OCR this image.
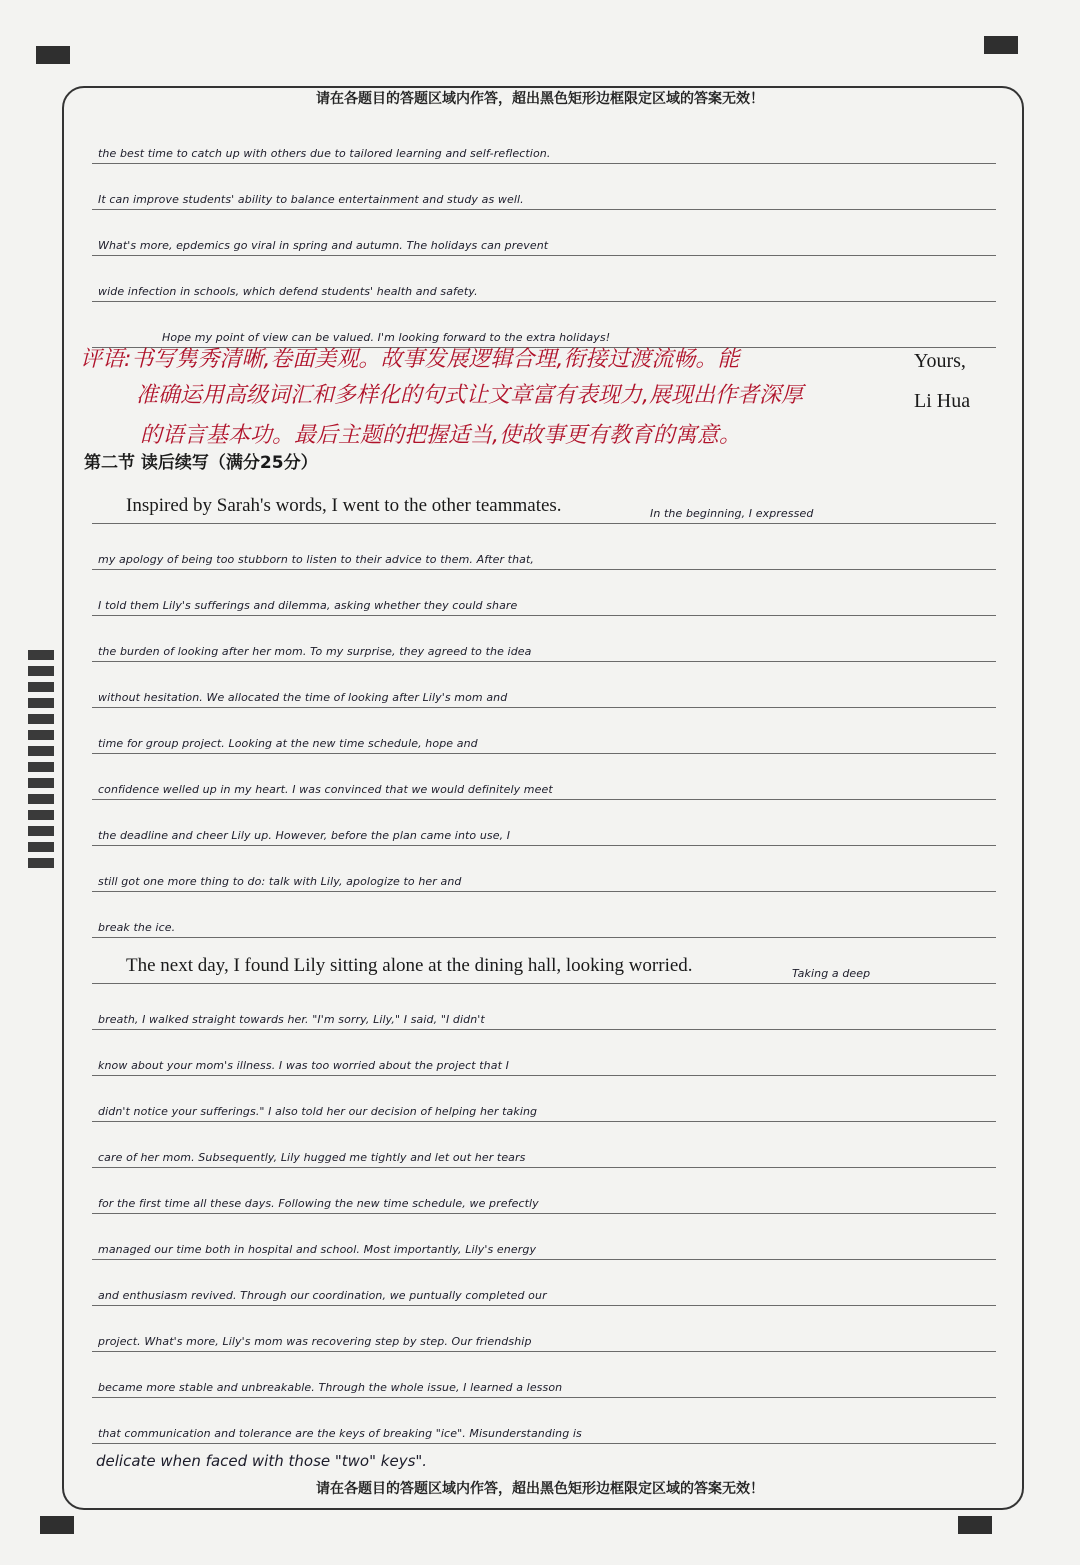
请在各题目的答题区域内作答，超出黑色矩形边框限定区域的答案无效！
the best time to catch up with others due to tailored learning and self-reflection.
It can improve students' ability to balance entertainment and study as well.
What's more, epdemics go viral in spring and autumn. The holidays can prevent
wide infection in schools, which defend students' health and safety.
Hope my point of view can be valued. I'm looking forward to the extra holidays!
评语:书写隽秀清晰,卷面美观。故事发展逻辑合理,衔接过渡流畅。能
准确运用高级词汇和多样化的句式让文章富有表现力,展现出作者深厚
的语言基本功。最后主题的把握适当,使故事更有教育的寓意。
Yours,
Li Hua
第二节 读后续写（满分25分）
Inspired by Sarah's words, I went to the other teammates.	In the beginning, I expressed
my apology of being too stubborn to listen to their advice to them. After that,
I told them Lily's sufferings and dilemma, asking whether they could share
the burden of looking after her mom. To my surprise, they agreed to the idea
without hesitation. We allocated the time of looking after Lily's mom and
time for group project. Looking at the new time schedule, hope and
confidence welled up in my heart. I was convinced that we would definitely meet
the deadline and cheer Lily up. However, before the plan came into use, I
still got one more thing to do: talk with Lily, apologize to her and
break the ice.
The next day, I found Lily sitting alone at the dining hall, looking worried.	Taking a deep
breath, I walked straight towards her. "I'm sorry, Lily," I said, "I didn't
know about your mom's illness. I was too worried about the project that I
didn't notice your sufferings." I also told her our decision of helping her taking
care of her mom. Subsequently, Lily hugged me tightly and let out her tears
for the first time all these days. Following the new time schedule, we prefectly
managed our time both in hospital and school. Most importantly, Lily's energy
and enthusiasm revived. Through our coordination, we puntually completed our
project. What's more, Lily's mom was recovering step by step. Our friendship
became more stable and unbreakable. Through the whole issue, I learned a lesson
that communication and tolerance are the keys of breaking "ice". Misunderstanding is
delicate when faced with those "two" keys".
请在各题目的答题区域内作答，超出黑色矩形边框限定区域的答案无效！
